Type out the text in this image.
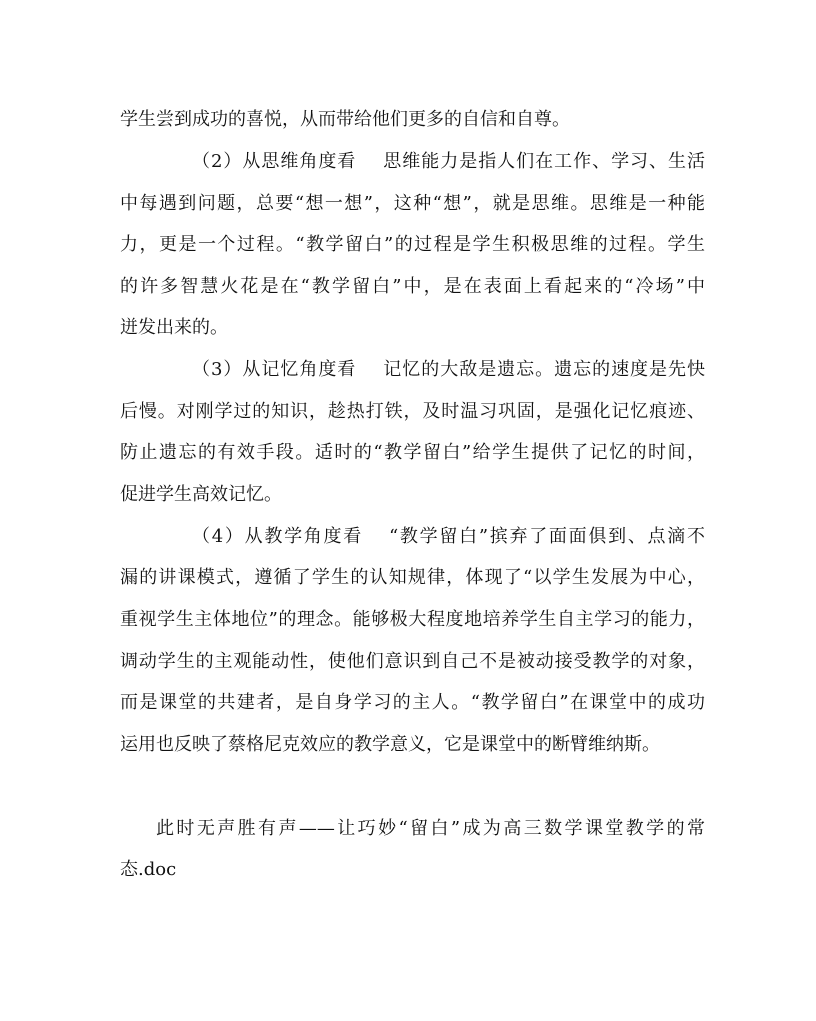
学生尝到成功的喜悦，从而带给他们更多的自信和自尊。
（2）从思维角度看 思维能力是指人们在工作、学习、生活
中每遇到问题，总要“想一想”，这种“想”，就是思维。思维是一种能
力，更是一个过程。“教学留白”的过程是学生积极思维的过程。学生
的许多智慧火花是在“教学留白”中，是在表面上看起来的“冷场”中
迸发出来的。
（3）从记忆角度看 记忆的大敌是遗忘。遗忘的速度是先快
后慢。对刚学过的知识，趁热打铁，及时温习巩固，是强化记忆痕迹、
防止遗忘的有效手段。适时的“教学留白”给学生提供了记忆的时间，
促进学生高效记忆。
（4）从教学角度看 “教学留白”摈弃了面面俱到、点滴不
漏的讲课模式，遵循了学生的认知规律，体现了“以学生发展为中心，
重视学生主体地位”的理念。能够极大程度地培养学生自主学习的能力，
调动学生的主观能动性，使他们意识到自己不是被动接受教学的对象，
而是课堂的共建者，是自身学习的主人。“教学留白”在课堂中的成功
运用也反映了蔡格尼克效应的教学意义，它是课堂中的断臂维纳斯。
此时无声胜有声——让巧妙“留白”成为高三数学课堂教学的常
态.doc
